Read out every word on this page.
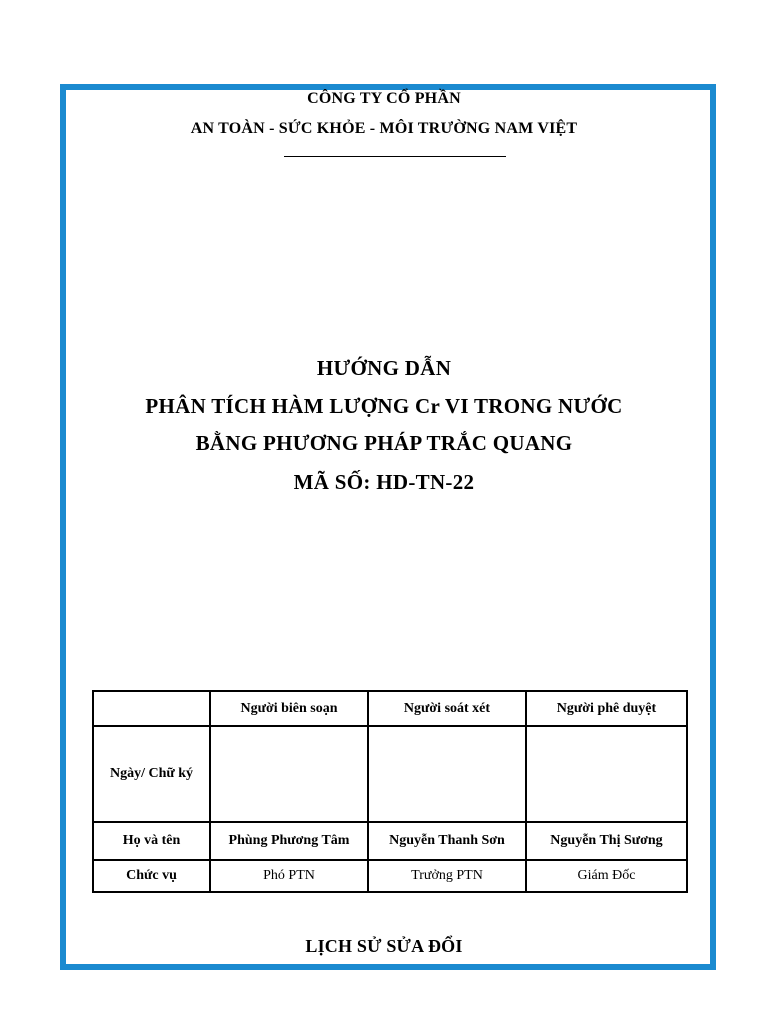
CÔNG TY CỔ PHẦN
AN TOÀN - SỨC KHỎE - MÔI TRƯỜNG NAM VIỆT
HƯỚNG DẪN
PHÂN TÍCH HÀM LƯỢNG Cr VI TRONG NƯỚC
BẰNG PHƯƠNG PHÁP TRẮC QUANG
MÃ SỐ: HD-TN-22
	Người biên soạn	Người soát xét	Người phê duyệt
Ngày/ Chữ ký			
Họ và tên	Phùng Phương Tâm	Nguyễn Thanh Sơn	Nguyễn Thị Sương
Chức vụ	Phó PTN	Trưởng PTN	Giám Đốc
LỊCH SỬ SỬA ĐỔI
